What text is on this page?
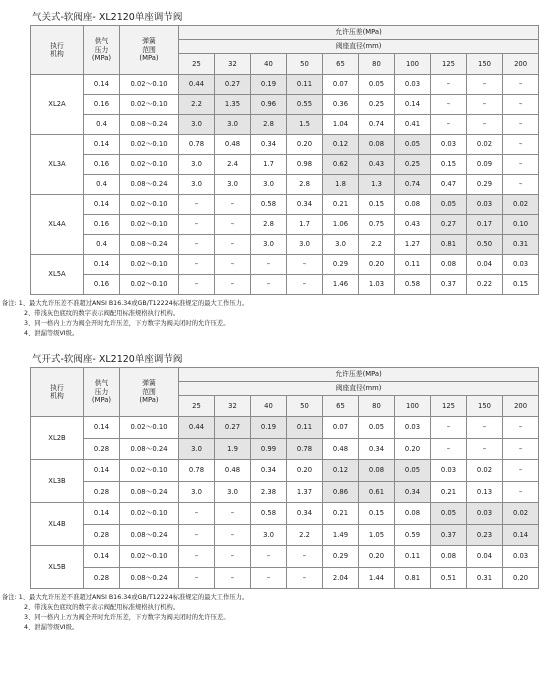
气关式-软阀座- XL2120单座调节阀
执行
机构	供气
压力
(MPa)	弹簧
范围
(MPa)	允许压差(MPa)									
			阀座直径(mm)									
			25	32	40	50	65	80	100	125	150	200
XL2A	0.14	0.02～0.10	0.44	0.27	0.19	0.11	0.07	0.05	0.03	–	–	–
	0.16	0.02～0.10	2.2	1.35	0.96	0.55	0.36	0.25	0.14	–	–	–
	0.4	0.08～0.24	3.0	3.0	2.8	1.5	1.04	0.74	0.41	–	–	–
XL3A	0.14	0.02～0.10	0.78	0.48	0.34	0.20	0.12	0.08	0.05	0.03	0.02	–
	0.16	0.02～0.10	3.0	2.4	1.7	0.98	0.62	0.43	0.25	0.15	0.09	–
	0.4	0.08～0.24	3.0	3.0	3.0	2.8	1.8	1.3	0.74	0.47	0.29	–
XL4A	0.14	0.02～0.10	–	–	0.58	0.34	0.21	0.15	0.08	0.05	0.03	0.02
	0.16	0.02～0.10	–	–	2.8	1.7	1.06	0.75	0.43	0.27	0.17	0.10
	0.4	0.08～0.24	–	–	3.0	3.0	3.0	2.2	1.27	0.81	0.50	0.31
XL5A	0.14	0.02～0.10	–	–	–	–	0.29	0.20	0.11	0.08	0.04	0.03
	0.16	0.02～0.10	–	–	–	–	1.46	1.03	0.58	0.37	0.22	0.15
备注: 1、最大允许压差不准超过ANSI B16.34或GB/T12224标准规定的最大工作压力。
2、带浅灰色底纹的数字表示阀配用标准规格执行机构。
3、同一格内上方为阀全开时允许压差，下方数字为阀关闭时的允许压差。
4、泄漏等级VI级。
气开式-软阀座- XL2120单座调节阀
执行
机构	供气
压力
(MPa)	弹簧
范围
(MPa)	允许压差(MPa)									
			阀座直径(mm)									
			25	32	40	50	65	80	100	125	150	200
XL2B	0.14	0.02～0.10	0.44	0.27	0.19	0.11	0.07	0.05	0.03	–	–	–
	0.28	0.08～0.24	3.0	1.9	0.99	0.78	0.48	0.34	0.20	–	–	–
XL3B	0.14	0.02～0.10	0.78	0.48	0.34	0.20	0.12	0.08	0.05	0.03	0.02	–
	0.28	0.08～0.24	3.0	3.0	2.38	1.37	0.86	0.61	0.34	0.21	0.13	–
XL4B	0.14	0.02～0.10	–	–	0.58	0.34	0.21	0.15	0.08	0.05	0.03	0.02
	0.28	0.08～0.24	–	–	3.0	2.2	1.49	1.05	0.59	0.37	0.23	0.14
XL5B	0.14	0.02～0.10	–	–	–	–	0.29	0.20	0.11	0.08	0.04	0.03
	0.28	0.08～0.24	–	–	–	–	2.04	1.44	0.81	0.51	0.31	0.20
备注: 1、最大允许压差不准超过ANSI B16.34或GB/T12224标准规定的最大工作压力。
2、带浅灰色底纹的数字表示阀配用标准规格执行机构。
3、同一格内上方为阀全开时允许压差，下方数字为阀关闭时的允许压差。
4、泄漏等级VI级。
